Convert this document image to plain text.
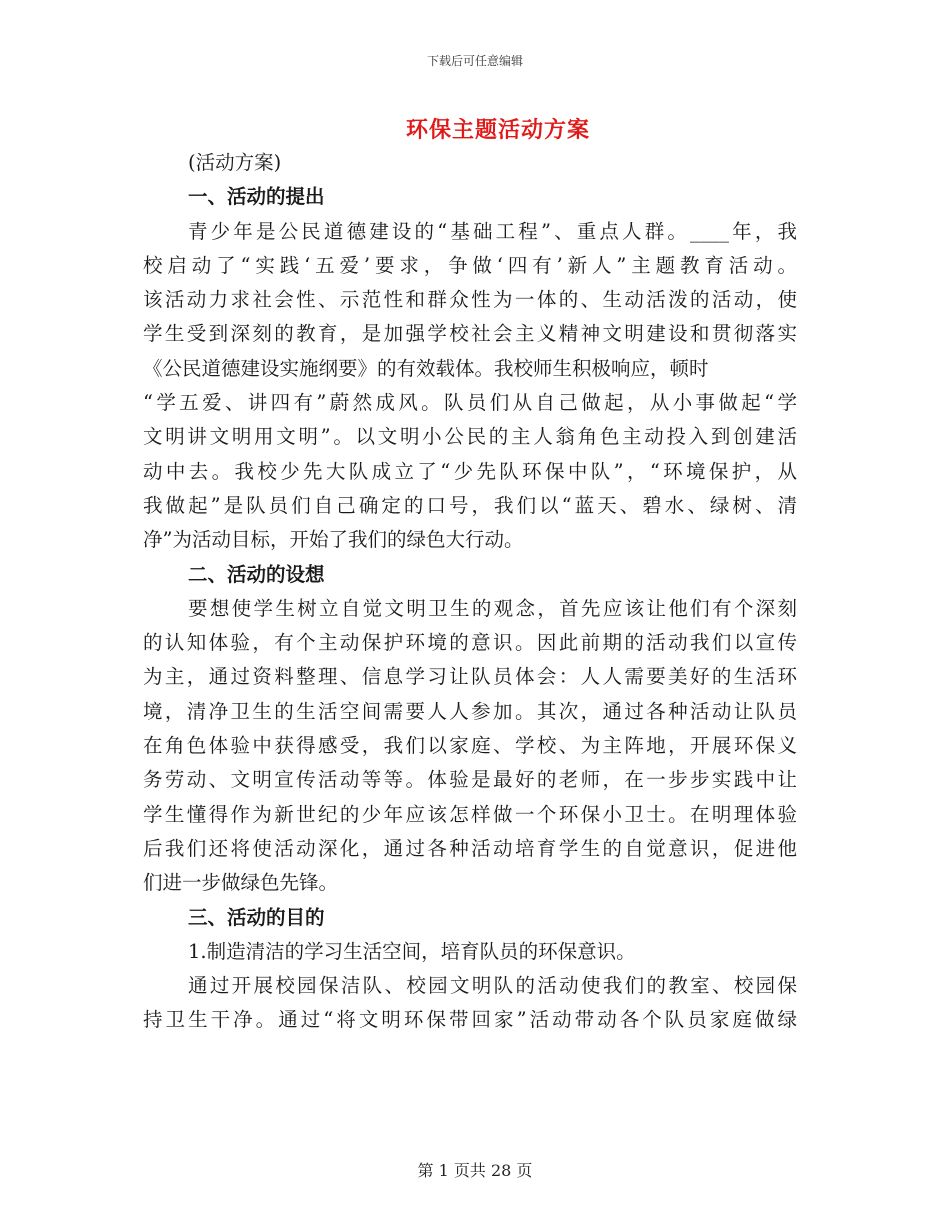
下载后可任意编辑
环保主题活动方案
(活动方案)
一、活动的提出
青少年是公民道德建设的“基础工程”、重点人群。____年，我
校启动了“实践‘五爱’要求，争做‘四有’新人”主题教育活动。
该活动力求社会性、示范性和群众性为一体的、生动活泼的活动，使
学生受到深刻的教育，是加强学校社会主义精神文明建设和贯彻落实
《公民道德建设实施纲要》的有效载体。我校师生积极响应，顿时
“学五爱、讲四有”蔚然成风。队员们从自己做起，从小事做起“学
文明讲文明用文明”。以文明小公民的主人翁角色主动投入到创建活
动中去。我校少先大队成立了“少先队环保中队”，“环境保护，从
我做起”是队员们自己确定的口号，我们以“蓝天、碧水、绿树、清
净”为活动目标，开始了我们的绿色大行动。
二、活动的设想
要想使学生树立自觉文明卫生的观念，首先应该让他们有个深刻
的认知体验，有个主动保护环境的意识。因此前期的活动我们以宣传
为主，通过资料整理、信息学习让队员体会：人人需要美好的生活环
境，清净卫生的生活空间需要人人参加。其次，通过各种活动让队员
在角色体验中获得感受，我们以家庭、学校、为主阵地，开展环保义
务劳动、文明宣传活动等等。体验是最好的老师，在一步步实践中让
学生懂得作为新世纪的少年应该怎样做一个环保小卫士。在明理体验
后我们还将使活动深化，通过各种活动培育学生的自觉意识，促进他
们进一步做绿色先锋。
三、活动的目的
1.制造清洁的学习生活空间，培育队员的环保意识。
通过开展校园保洁队、校园文明队的活动使我们的教室、校园保
持卫生干净。通过“将文明环保带回家”活动带动各个队员家庭做绿
第 1 页共 28 页
